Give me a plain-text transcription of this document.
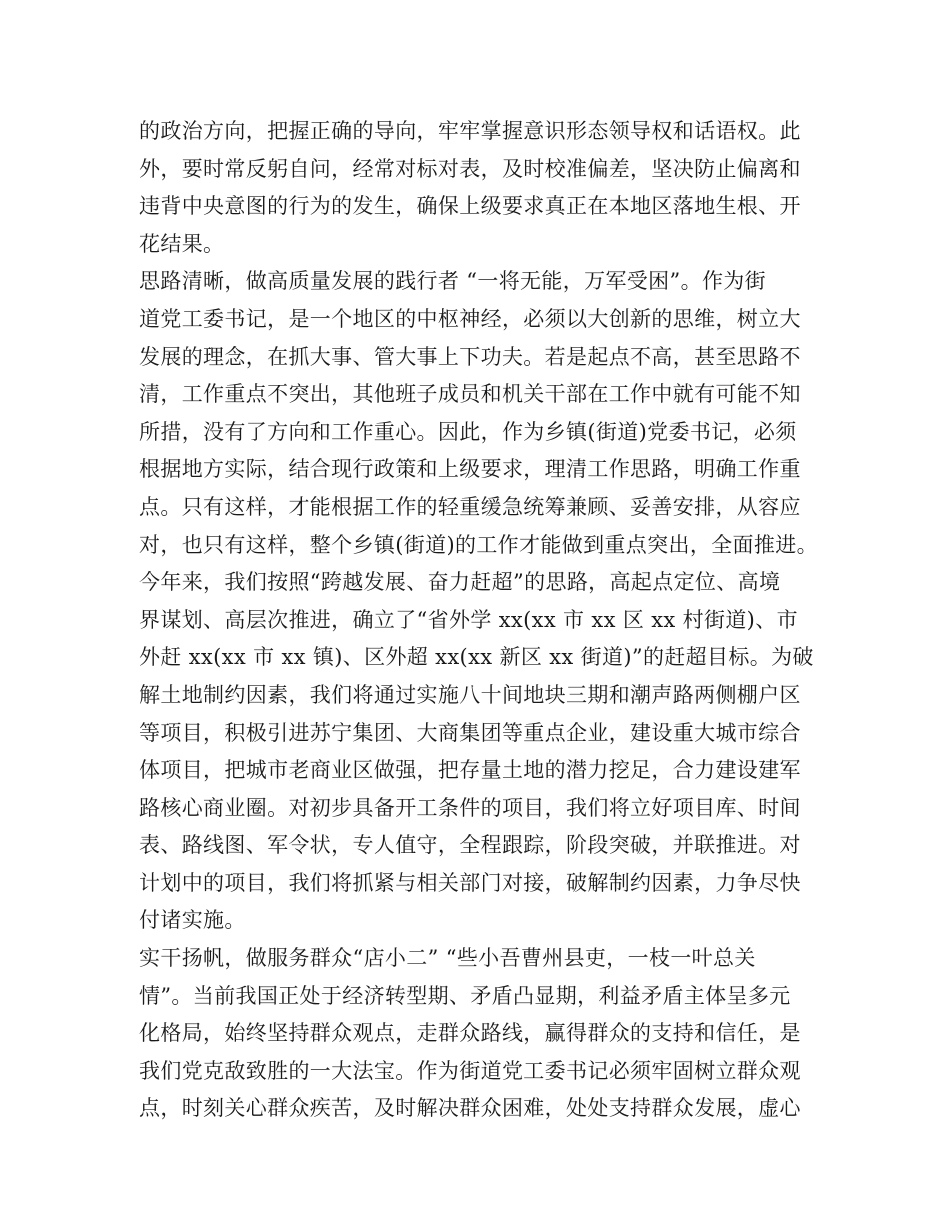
的政治方向，把握正确的导向，牢牢掌握意识形态领导权和话语权。此
外，要时常反躬自问，经常对标对表，及时校准偏差，坚决防止偏离和
违背中央意图的行为的发生，确保上级要求真正在本地区落地生根、开
花结果。
思路清晰，做高质量发展的践行者 “一将无能，万军受困”。作为街
道党工委书记，是一个地区的中枢神经，必须以大创新的思维，树立大
发展的理念，在抓大事、管大事上下功夫。若是起点不高，甚至思路不
清，工作重点不突出，其他班子成员和机关干部在工作中就有可能不知
所措，没有了方向和工作重心。因此，作为乡镇(街道)党委书记，必须
根据地方实际，结合现行政策和上级要求，理清工作思路，明确工作重
点。只有这样，才能根据工作的轻重缓急统筹兼顾、妥善安排，从容应
对，也只有这样，整个乡镇(街道)的工作才能做到重点突出，全面推进。
今年来，我们按照“跨越发展、奋力赶超”的思路，高起点定位、高境
界谋划、高层次推进，确立了“省外学 xx(xx 市 xx 区 xx 村街道)、市
外赶 xx(xx 市 xx 镇)、区外超 xx(xx 新区 xx 街道)”的赶超目标。为破
解土地制约因素，我们将通过实施八十间地块三期和潮声路两侧棚户区
等项目，积极引进苏宁集团、大商集团等重点企业，建设重大城市综合
体项目，把城市老商业区做强，把存量土地的潜力挖足，合力建设建军
路核心商业圈。对初步具备开工条件的项目，我们将立好项目库、时间
表、路线图、军令状，专人值守，全程跟踪，阶段突破，并联推进。对
计划中的项目，我们将抓紧与相关部门对接，破解制约因素，力争尽快
付诸实施。
实干扬帆，做服务群众“店小二” “些小吾曹州县吏，一枝一叶总关
情”。当前我国正处于经济转型期、矛盾凸显期，利益矛盾主体呈多元
化格局，始终坚持群众观点，走群众路线，赢得群众的支持和信任，是
我们党克敌致胜的一大法宝。作为街道党工委书记必须牢固树立群众观
点，时刻关心群众疾苦，及时解决群众困难，处处支持群众发展，虚心
